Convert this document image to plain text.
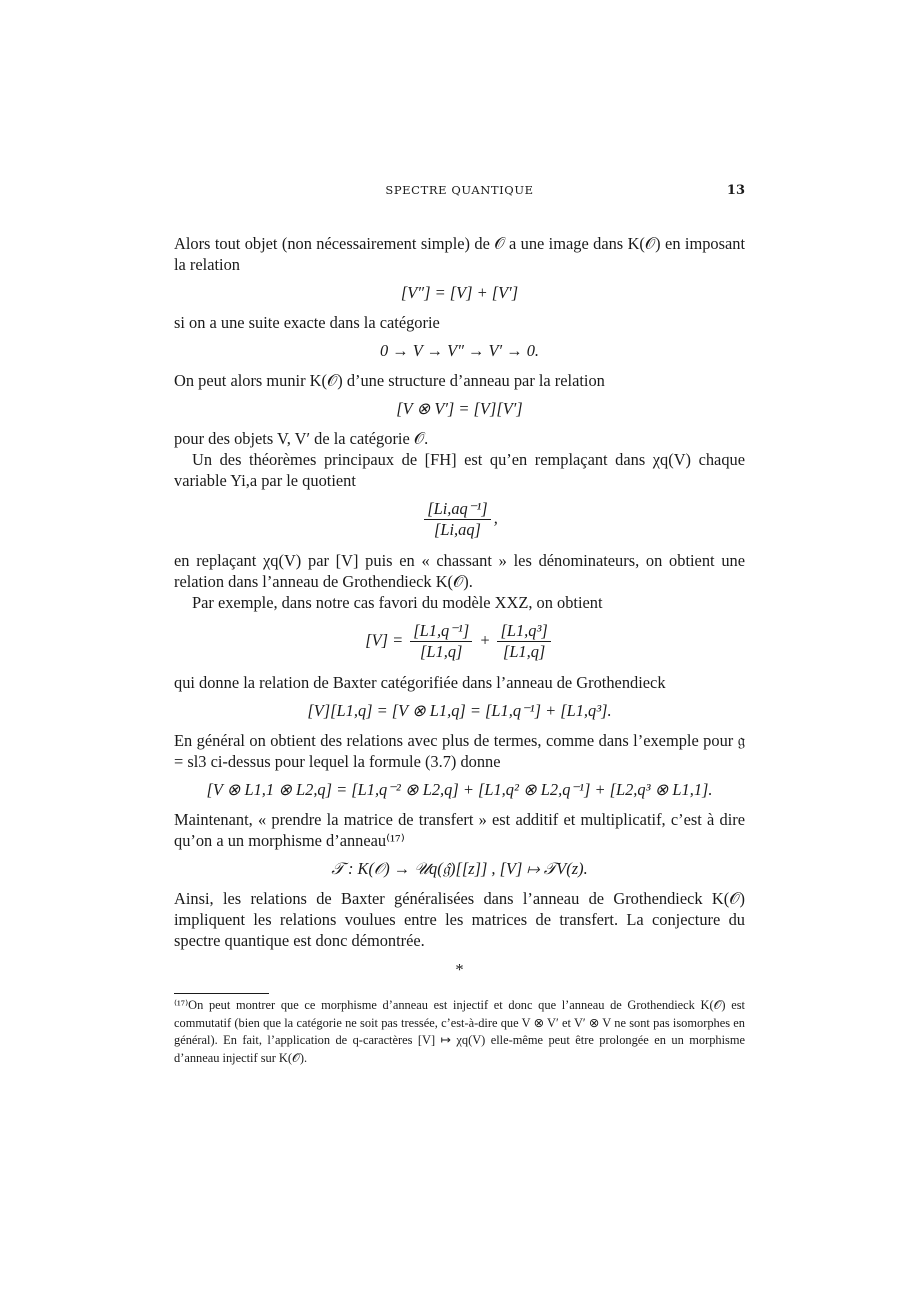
SPECTRE QUANTIQUE	13

Alors tout objet (non nécessairement simple) de 𝒪 a une image dans K(𝒪) en imposant la relation

[V″] = [V] + [V′]

si on a une suite exacte dans la catégorie

0 → V → V″ → V′ → 0.

On peut alors munir K(𝒪) d’une structure d’anneau par la relation

[V ⊗ V′] = [V][V′]

pour des objets V, V′ de la catégorie 𝒪.

Un des théorèmes principaux de [FH] est qu’en remplaçant dans χq(V) chaque variable Yi,a par le quotient

$\frac{\text{[Li,aq⁻¹]}}{[Li,aq]}$ ,

en replaçant χq(V) par [V] puis en « chassant » les dénominateurs, on obtient une relation dans l’anneau de Grothendieck K(𝒪).

Par exemple, dans notre cas favori du modèle XXZ, on obtient

$[V] = \frac{\text{[L1,q⁻¹]}}{[L1,q]} + \frac{\text{[L1,q³]}}{[L1,q]}$

qui donne la relation de Baxter catégorifiée dans l’anneau de Grothendieck

[V][L1,q] = [V ⊗ L1,q] = [L1,q⁻¹] + [L1,q³].

En général on obtient des relations avec plus de termes, comme dans l’exemple pour 𝔤 = sl3 ci-dessus pour lequel la formule (3.7) donne

[V ⊗ L1,1 ⊗ L2,q] = [L1,q⁻² ⊗ L2,q] + [L1,q² ⊗ L2,q⁻¹] + [L2,q³ ⊗ L1,1].

Maintenant, « prendre la matrice de transfert » est additif et multiplicatif, c’est à dire qu’on a un morphisme d’anneau⁽¹⁷⁾

𝒯 : K(𝒪) → 𝒰q(𝔤̂)[[z]] , [V] ↦ 𝒯V(z).

Ainsi, les relations de Baxter généralisées dans l’anneau de Grothendieck K(𝒪) impliquent les relations voulues entre les matrices de transfert. La conjecture du spectre quantique est donc démontrée.

*
⁽¹⁷⁾On peut montrer que ce morphisme d’anneau est injectif et donc que l’anneau de Grothendieck K(𝒪) est commutatif (bien que la catégorie ne soit pas tressée, c’est-à-dire que V ⊗ V′ et V′ ⊗ V ne sont pas isomorphes en général). En fait, l’application de q-caractères [V] ↦ χq(V) elle-même peut être prolongée en un morphisme d’anneau injectif sur K(𝒪).
